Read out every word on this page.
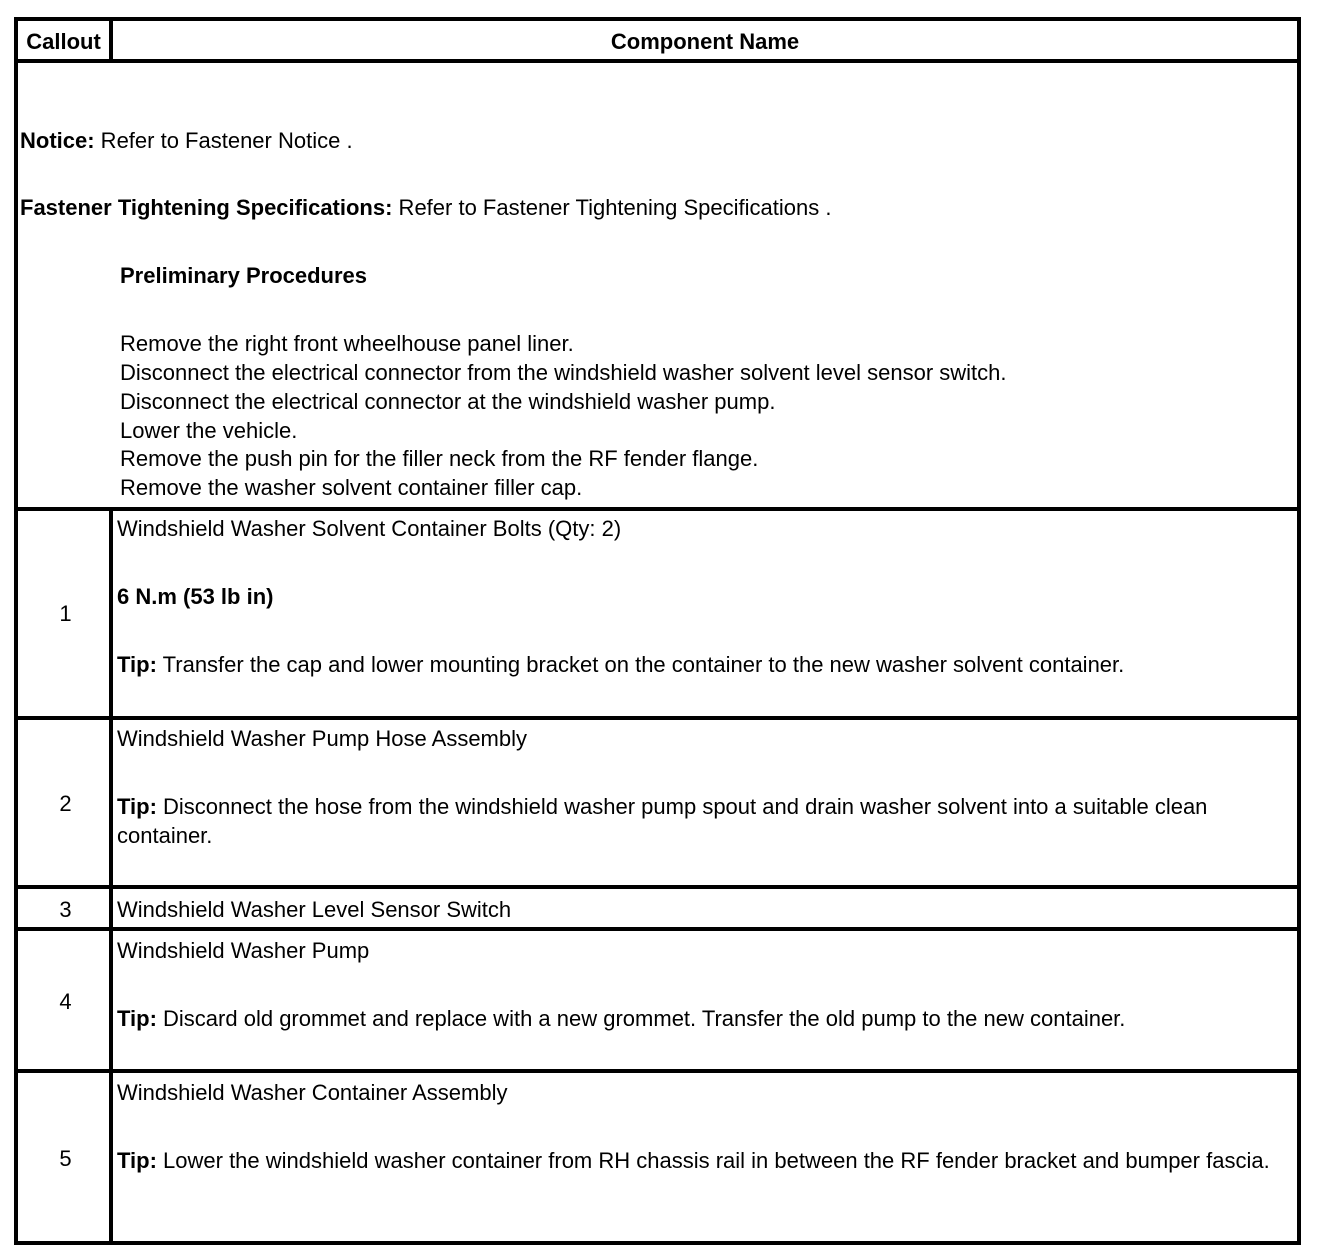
Callout	Component Name
Notice: Refer to Fastener Notice .
Fastener Tightening Specifications: Refer to Fastener Tightening Specifications .
Preliminary Procedures
Remove the right front wheelhouse panel liner.
Disconnect the electrical connector from the windshield washer solvent level sensor switch.
Disconnect the electrical connector at the windshield washer pump.
Lower the vehicle.
Remove the push pin for the filler neck from the RF fender flange.
Remove the washer solvent container filler cap.
1
Windshield Washer Solvent Container Bolts (Qty: 2)
6 N.m (53 lb in)
Tip: Transfer the cap and lower mounting bracket on the container to the new washer solvent container.
2
Windshield Washer Pump Hose Assembly
Tip: Disconnect the hose from the windshield washer pump spout and drain washer solvent into a suitable clean container.
3	Windshield Washer Level Sensor Switch
4
Windshield Washer Pump
Tip: Discard old grommet and replace with a new grommet. Transfer the old pump to the new container.
5
Windshield Washer Container Assembly
Tip: Lower the windshield washer container from RH chassis rail in between the RF fender bracket and bumper fascia.
